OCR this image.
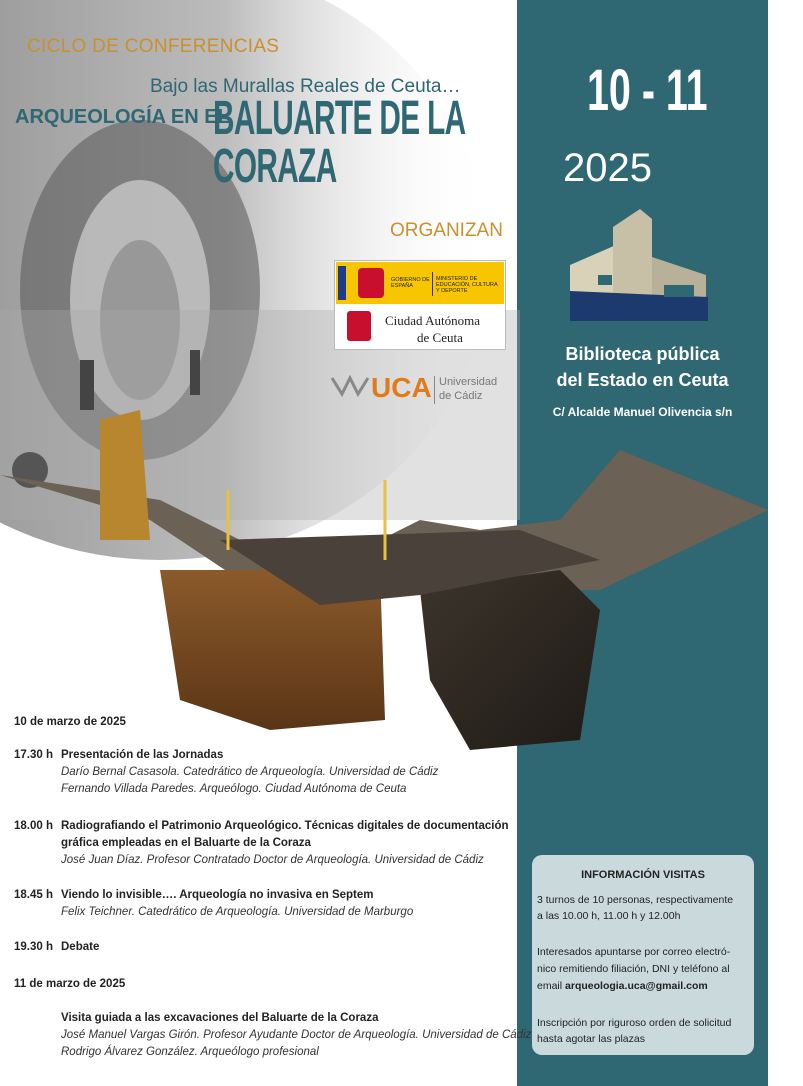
CICLO DE CONFERENCIAS
Bajo las Murallas Reales de Ceuta…
ARQUEOLOGÍA EN EL
BALUARTE DE LA CORAZA
ORGANIZAN
GOBIERNO DE ESPAÑA
MINISTERIO DE EDUCACIÓN, CULTURA Y DEPORTE
Ciudad Autónoma
de Ceuta
UCA Universidad
de Cádiz
10 - 11
2025 marzo
Biblioteca pública
del Estado en Ceuta
C/ Alcalde Manuel Olivencia s/n
10 de marzo de 2025
17.30 h Presentación de las Jornadas
Darío Bernal Casasola. Catedrático de Arqueología. Universidad de Cádiz
Fernando Villada Paredes. Arqueólogo. Ciudad Autónoma de Ceuta
18.00 h Radiografiando el Patrimonio Arqueológico. Técnicas digitales de documentación
gráfica empleadas en el Baluarte de la Coraza
José Juan Díaz. Profesor Contratado Doctor de Arqueología. Universidad de Cádiz
18.45 h Viendo lo invisible…. Arqueología no invasiva en Septem
Felix Teichner. Catedrático de Arqueología. Universidad de Marburgo
19.30 h Debate
11 de marzo de 2025
Visita guiada a las excavaciones del Baluarte de la Coraza
José Manuel Vargas Girón. Profesor Ayudante Doctor de Arqueología. Universidad de Cádiz
Rodrigo Álvarez González. Arqueólogo profesional
INFORMACIÓN VISITAS
3 turnos de 10 personas, respectivamente
a las 10.00 h, 11.00 h y 12.00h
Interesados apuntarse por correo electró-
nico remitiendo filiación, DNI y teléfono al
email arqueologia.uca@gmail.com
Inscripción por riguroso orden de solicitud
hasta agotar las plazas
